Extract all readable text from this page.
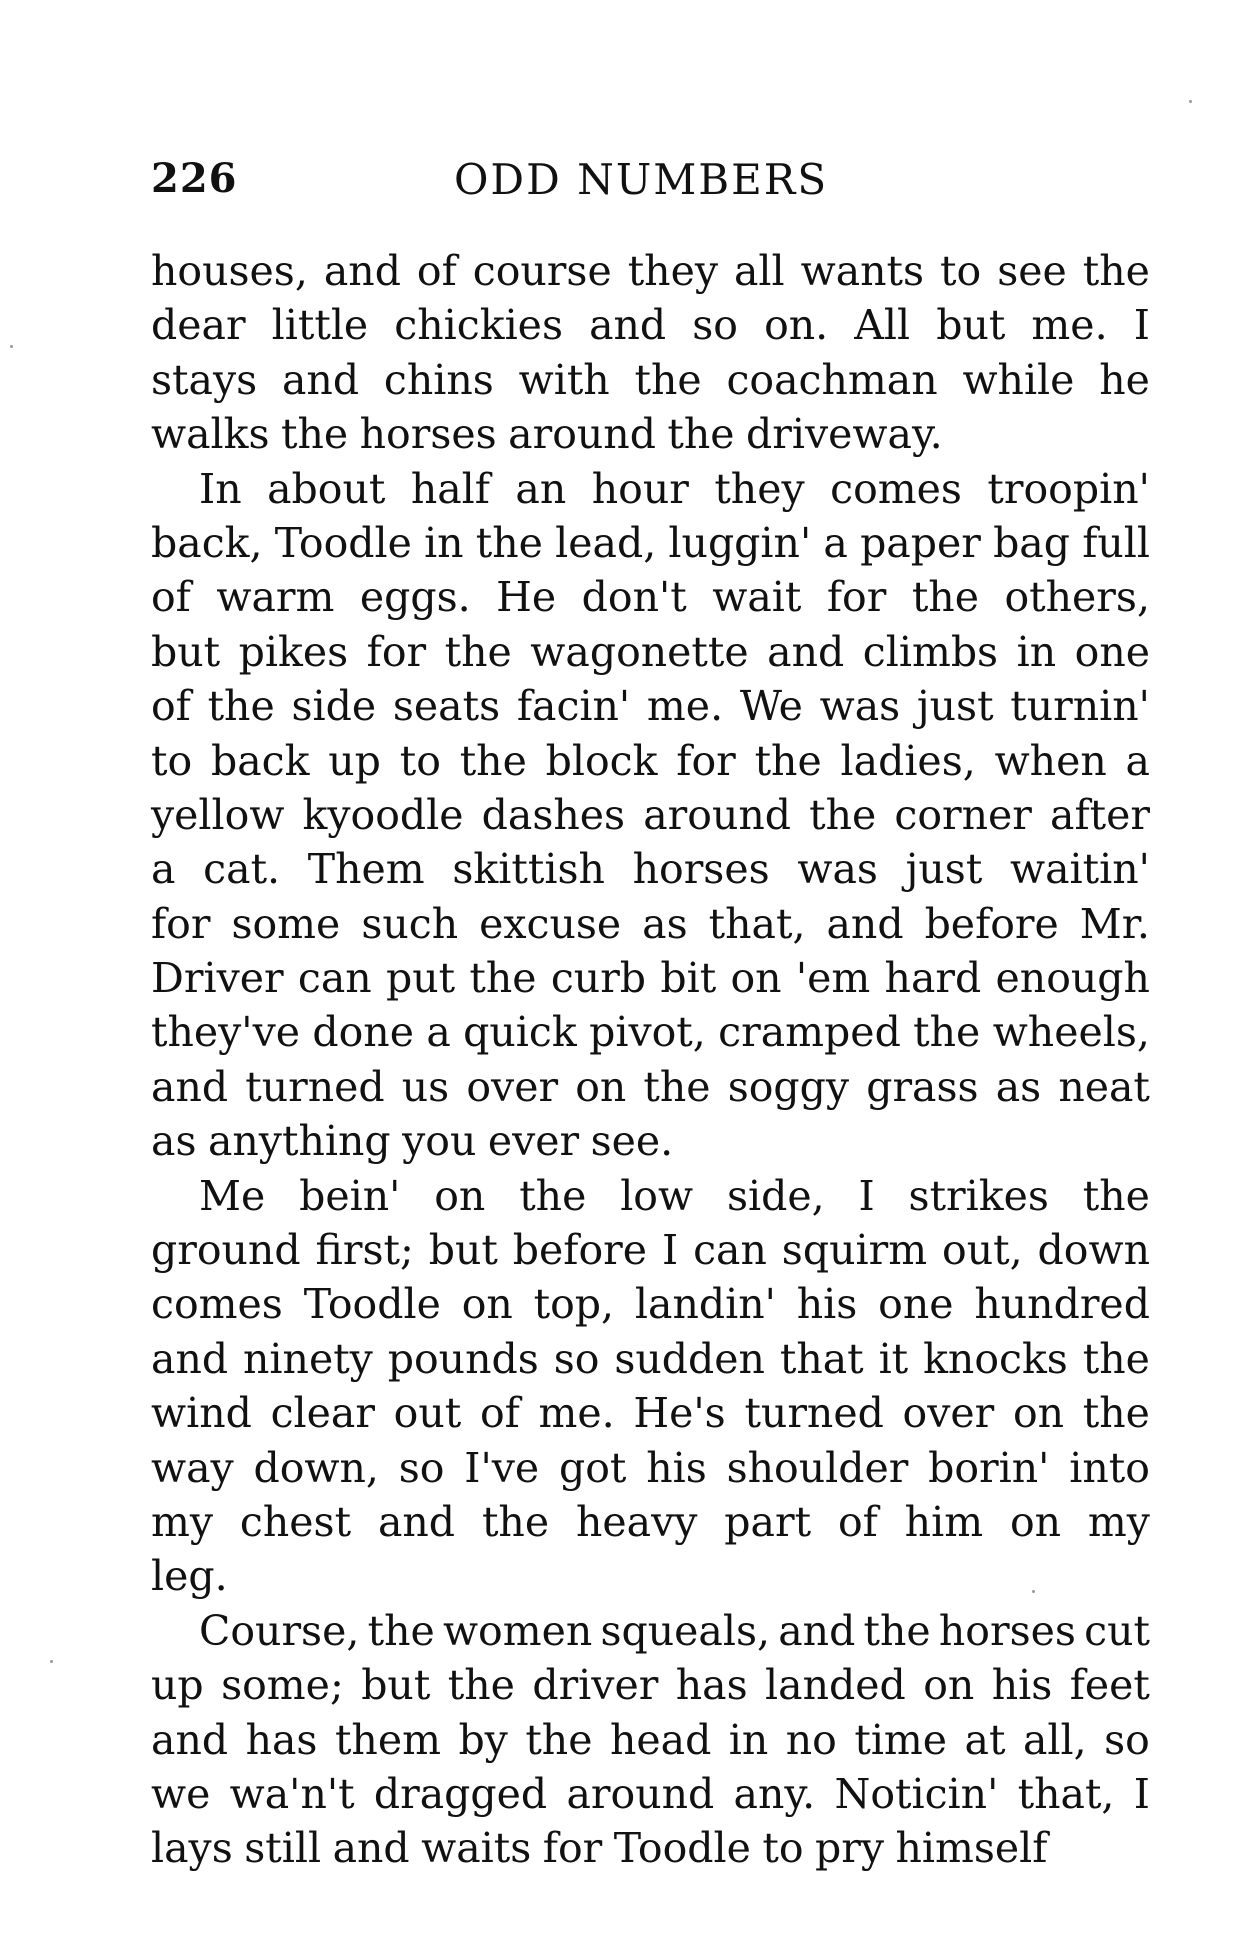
226	ODD NUMBERS
houses, and of course they all wants to see the
dear little chickies and so on. All but me. I
stays and chins with the coachman while he
walks the horses around the driveway.
In about half an hour they comes troopin'
back, Toodle in the lead, luggin' a paper bag full
of warm eggs. He don't wait for the others,
but pikes for the wagonette and climbs in one
of the side seats facin' me. We was just turnin'
to back up to the block for the ladies, when a
yellow kyoodle dashes around the corner after
a cat. Them skittish horses was just waitin'
for some such excuse as that, and before Mr.
Driver can put the curb bit on 'em hard enough
they've done a quick pivot, cramped the wheels,
and turned us over on the soggy grass as neat
as anything you ever see.
Me bein' on the low side, I strikes the
ground first; but before I can squirm out, down
comes Toodle on top, landin' his one hundred
and ninety pounds so sudden that it knocks the
wind clear out of me. He's turned over on the
way down, so I've got his shoulder borin' into
my chest and the heavy part of him on my
leg.
Course, the women squeals, and the horses cut
up some; but the driver has landed on his feet
and has them by the head in no time at all, so
we wa'n't dragged around any. Noticin' that, I
lays still and waits for Toodle to pry himself
